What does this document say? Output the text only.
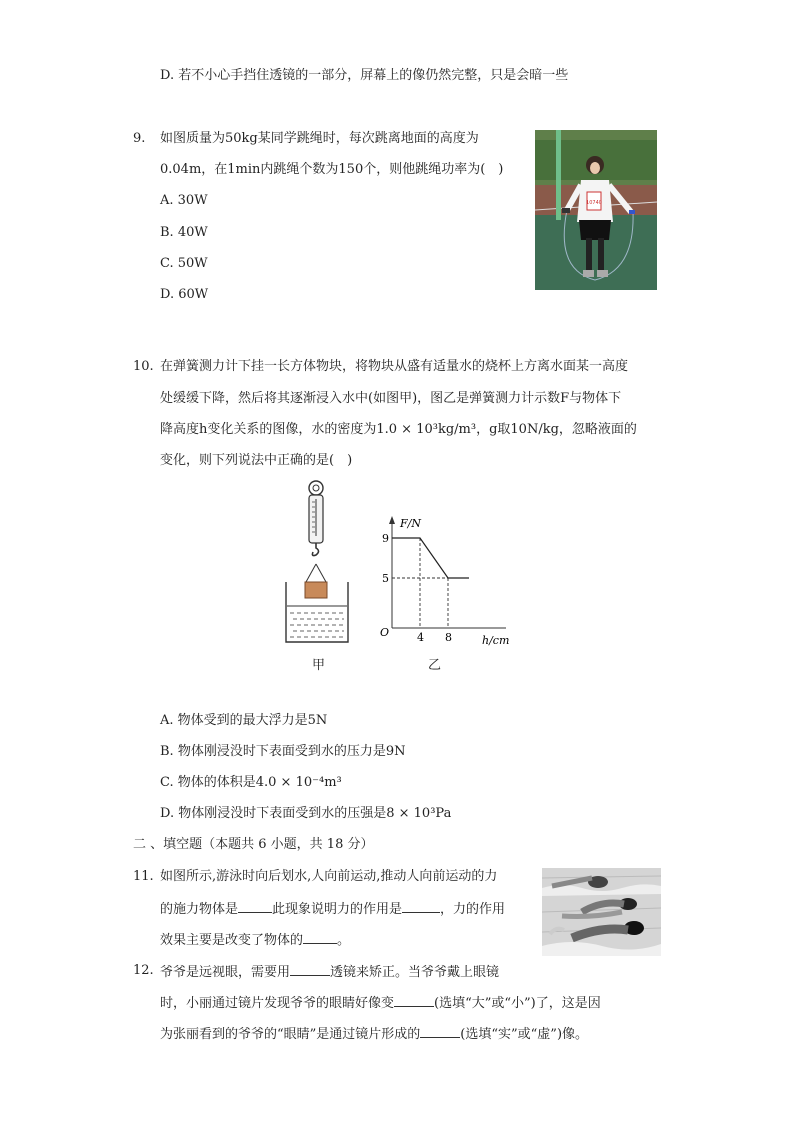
D. 若不小心手挡住透镜的一部分，屏幕上的像仍然完整，只是会暗一些
9. 如图质量为50kg某同学跳绳时，每次跳离地面的高度为
0.04m，在1min内跳绳个数为150个，则他跳绳功率为(　)
A. 30W
B. 40W
C. 50W
D. 60W
10740
10. 在弹簧测力计下挂一长方体物块，将物块从盛有适量水的烧杯上方离水面某一高度
处缓缓下降，然后将其逐渐浸入水中(如图甲)，图乙是弹簧测力计示数F与物体下
降高度h变化关系的图像，水的密度为1.0 × 10³kg/m³，g取10N/kg，忽略液面的
变化，则下列说法中正确的是(　)
甲
F/N
h/cm
O
9
5
4 8
乙
A. 物体受到的最大浮力是5N
B. 物体刚浸没时下表面受到水的压力是9N
C. 物体的体积是4.0 × 10⁻⁴m³
D. 物体刚浸没时下表面受到水的压强是8 × 10³Pa
二 、填空题（本题共 6 小题，共 18 分）
11. 如图所示,游泳时向后划水,人向前运动,推动人向前运动的力
的施力物体是	此现象说明力的作用是	，力的作用
效果主要是改变了物体的	。
12. 爷爷是远视眼，需要用	透镜来矫正。当爷爷戴上眼镜
时，小丽通过镜片发现爷爷的眼睛好像变	(选填“大”或“小”)了，这是因
为张丽看到的爷爷的“眼睛”是通过镜片形成的	(选填“实”或“虚”)像。
